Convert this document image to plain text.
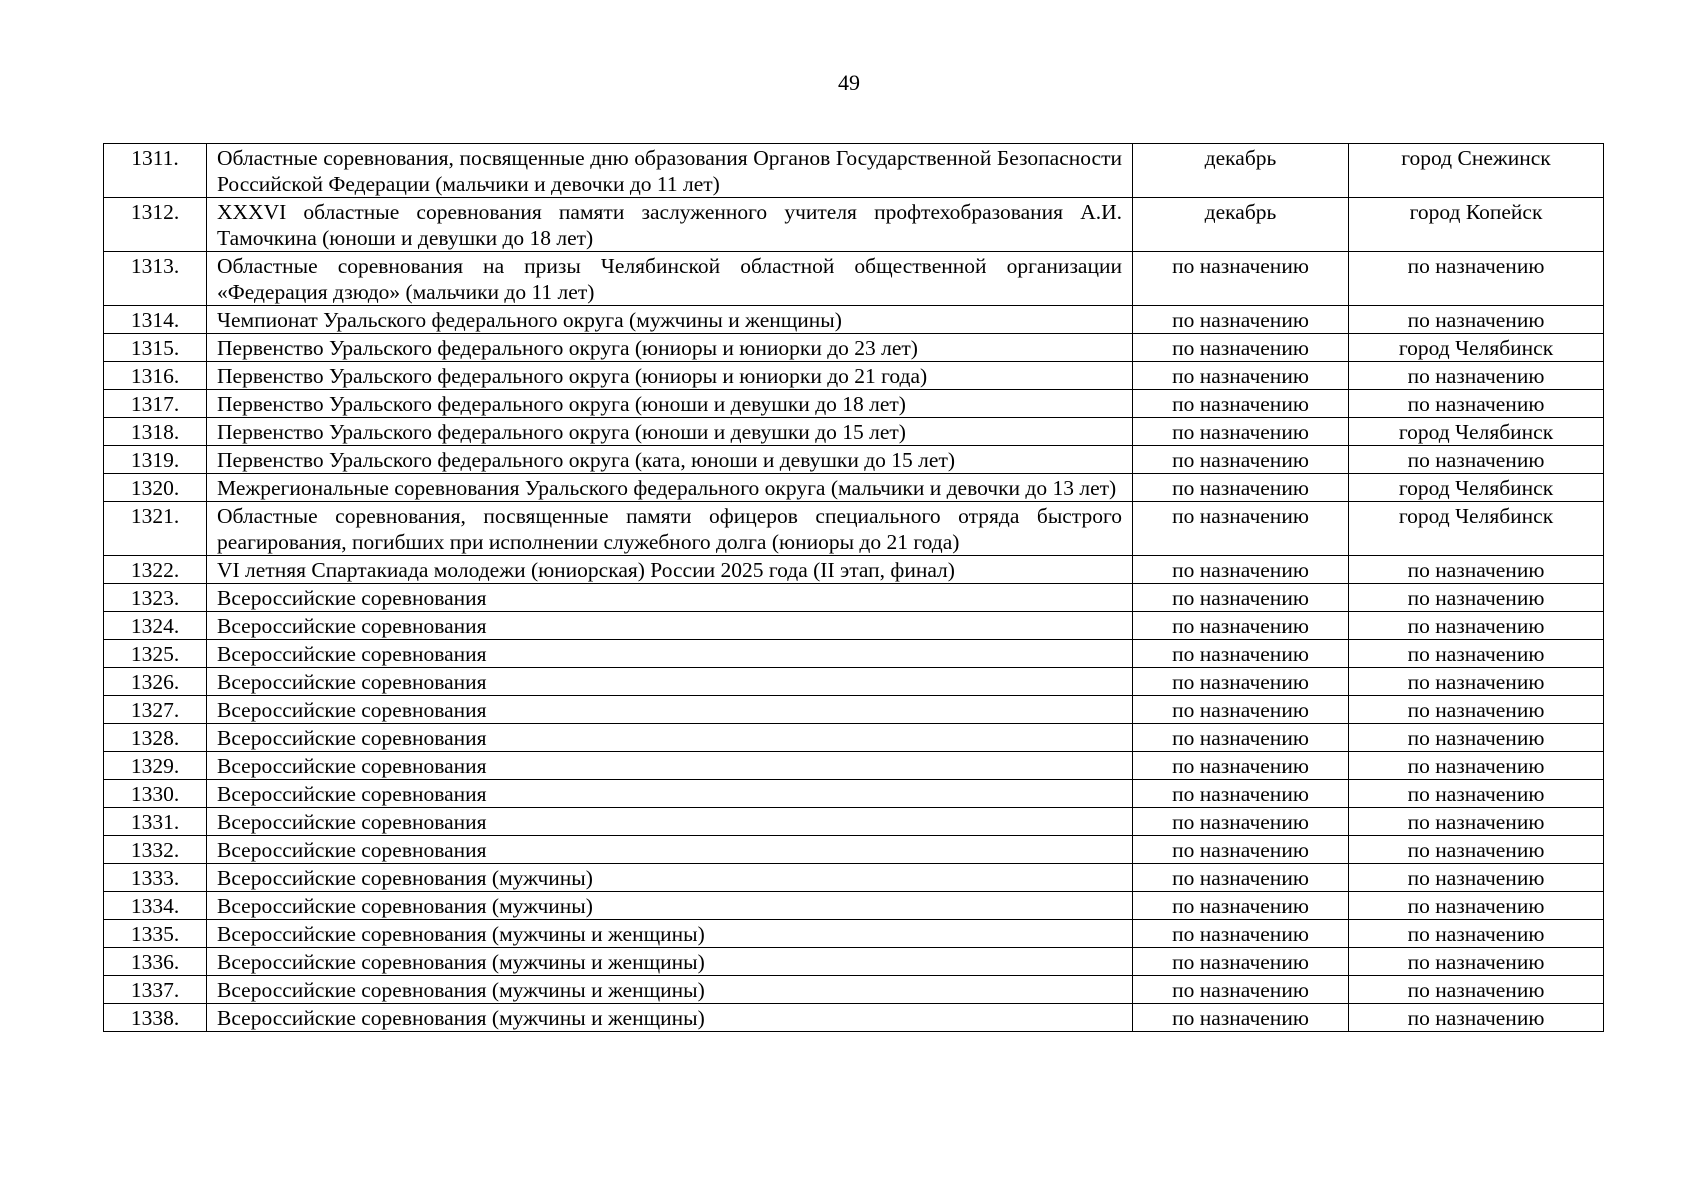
49
1311.	Областные соревнования, посвященные дню образования Органов Государственной Безопасности Российской Федерации (мальчики и девочки до 11 лет)	декабрь	город Снежинск
1312.	XXXVI областные соревнования памяти заслуженного учителя профтехобразования А.И. Тамочкина (юноши и девушки до 18 лет)	декабрь	город Копейск
1313.	Областные соревнования на призы Челябинской областной общественной организации «Федерация дзюдо» (мальчики до 11 лет)	по назначению	по назначению
1314.	Чемпионат Уральского федерального округа (мужчины и женщины)	по назначению	по назначению
1315.	Первенство Уральского федерального округа (юниоры и юниорки до 23 лет)	по назначению	город Челябинск
1316.	Первенство Уральского федерального округа (юниоры и юниорки до 21 года)	по назначению	по назначению
1317.	Первенство Уральского федерального округа (юноши и девушки до 18 лет)	по назначению	по назначению
1318.	Первенство Уральского федерального округа (юноши и девушки до 15 лет)	по назначению	город Челябинск
1319.	Первенство Уральского федерального округа (ката, юноши и девушки до 15 лет)	по назначению	по назначению
1320.	Межрегиональные соревнования Уральского федерального округа (мальчики и девочки до 13 лет)	по назначению	город Челябинск
1321.	Областные соревнования, посвященные памяти офицеров специального отряда быстрого реагирования, погибших при исполнении служебного долга (юниоры до 21 года)	по назначению	город Челябинск
1322.	VI летняя Спартакиада молодежи (юниорская) России 2025 года (II этап, финал)	по назначению	по назначению
1323.	Всероссийские соревнования	по назначению	по назначению
1324.	Всероссийские соревнования	по назначению	по назначению
1325.	Всероссийские соревнования	по назначению	по назначению
1326.	Всероссийские соревнования	по назначению	по назначению
1327.	Всероссийские соревнования	по назначению	по назначению
1328.	Всероссийские соревнования	по назначению	по назначению
1329.	Всероссийские соревнования	по назначению	по назначению
1330.	Всероссийские соревнования	по назначению	по назначению
1331.	Всероссийские соревнования	по назначению	по назначению
1332.	Всероссийские соревнования	по назначению	по назначению
1333.	Всероссийские соревнования (мужчины)	по назначению	по назначению
1334.	Всероссийские соревнования (мужчины)	по назначению	по назначению
1335.	Всероссийские соревнования (мужчины и женщины)	по назначению	по назначению
1336.	Всероссийские соревнования (мужчины и женщины)	по назначению	по назначению
1337.	Всероссийские соревнования (мужчины и женщины)	по назначению	по назначению
1338.	Всероссийские соревнования (мужчины и женщины)	по назначению	по назначению
